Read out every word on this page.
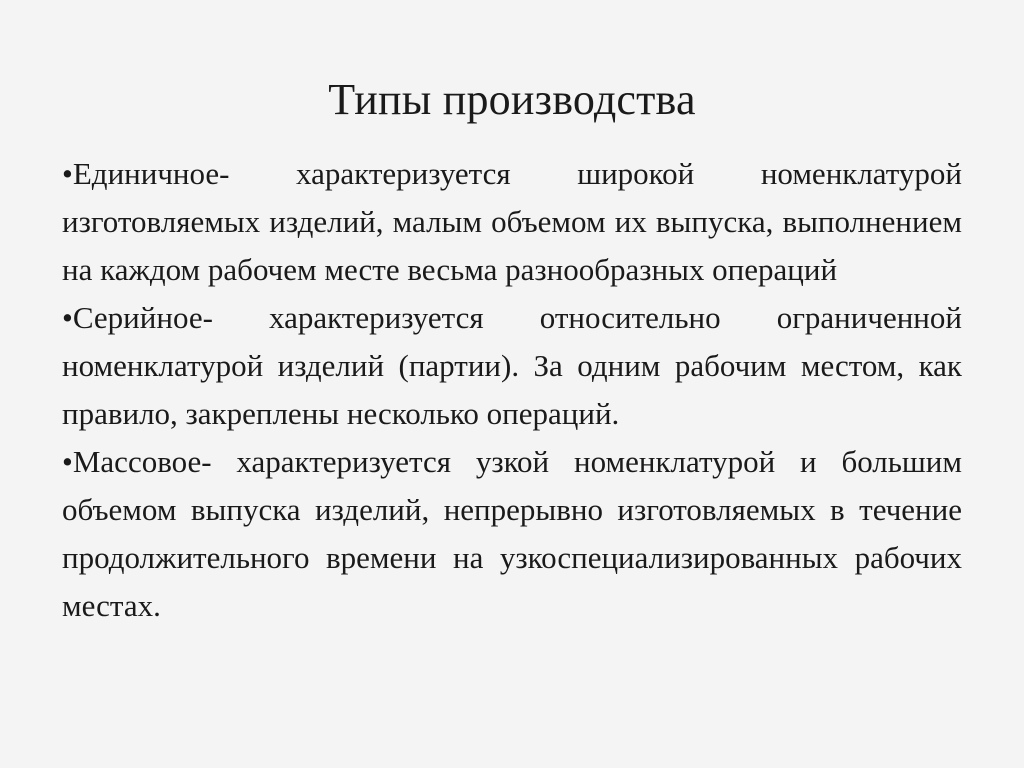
Типы производства

•Единичное- характеризуется широкой номенклатурой изготовляемых изделий, малым объемом их выпуска, выполнением на каждом рабочем месте весьма разнообразных операций

•Серийное- характеризуется относительно ограниченной номенклатурой изделий (партии). За одним рабочим местом, как правило, закреплены несколько операций.

•Массовое- характеризуется узкой номенклатурой и большим объемом выпуска изделий, непрерывно изготовляемых в течение продолжительного времени на узкоспециализированных рабочих местах.
